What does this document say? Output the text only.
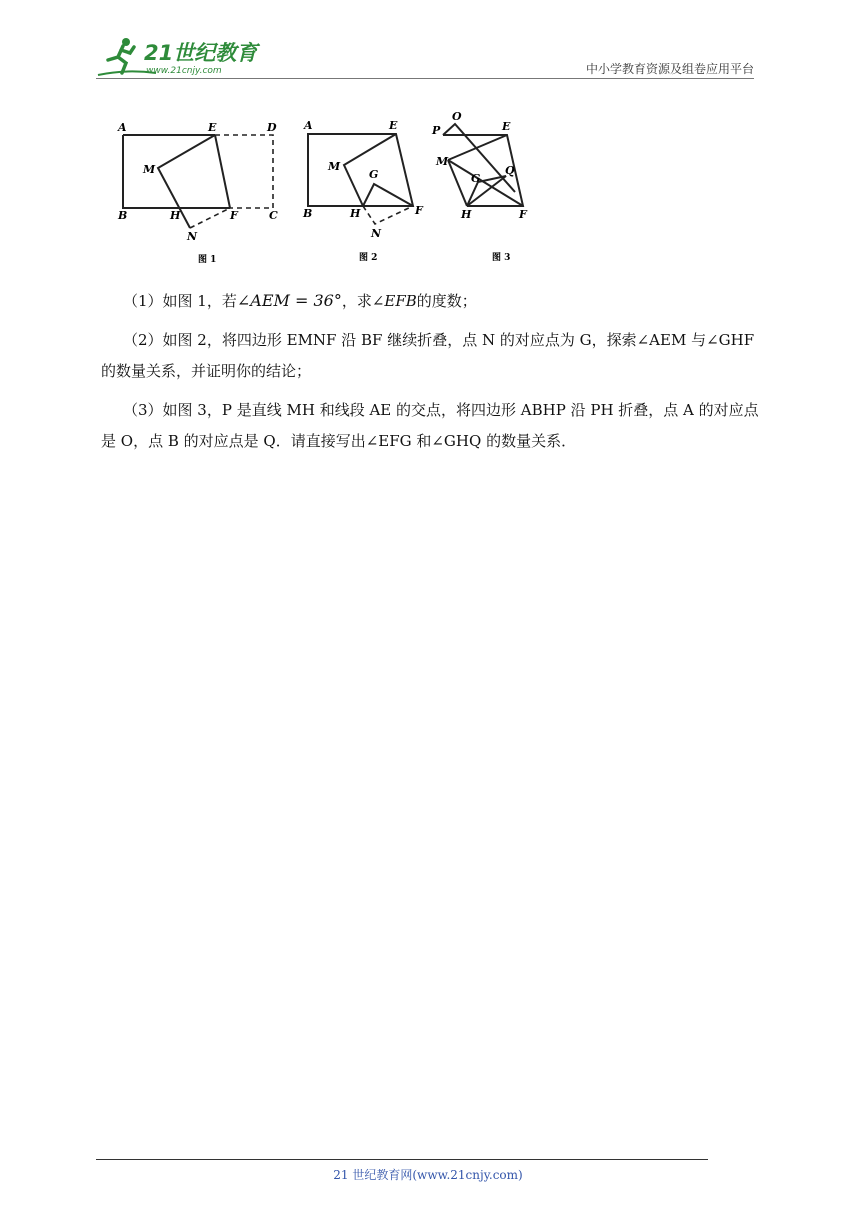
21世纪教育
www.21cnjy.com	中小学教育资源及组卷应用平台
A	E	D
M
B	H	F	C
N
图 1
A	E
M
G
B	H	F
N
图 2
O
P	E
M
G
Q
H	F
图 3
（1）如图 1，若∠AEM = 36°，求∠EFB的度数；
（2）如图 2，将四边形 EMNF 沿 BF 继续折叠，点 N 的对应点为 G，探索∠AEM 与∠GHF 的数量关系，并证明你的结论；
（3）如图 3，P 是直线 MH 和线段 AE 的交点，将四边形 ABHP 沿 PH 折叠，点 A 的对应点是 O，点 B 的对应点是 Q．请直接写出∠EFG 和∠GHQ 的数量关系．
21 世纪教育网(www.21cnjy.com)
